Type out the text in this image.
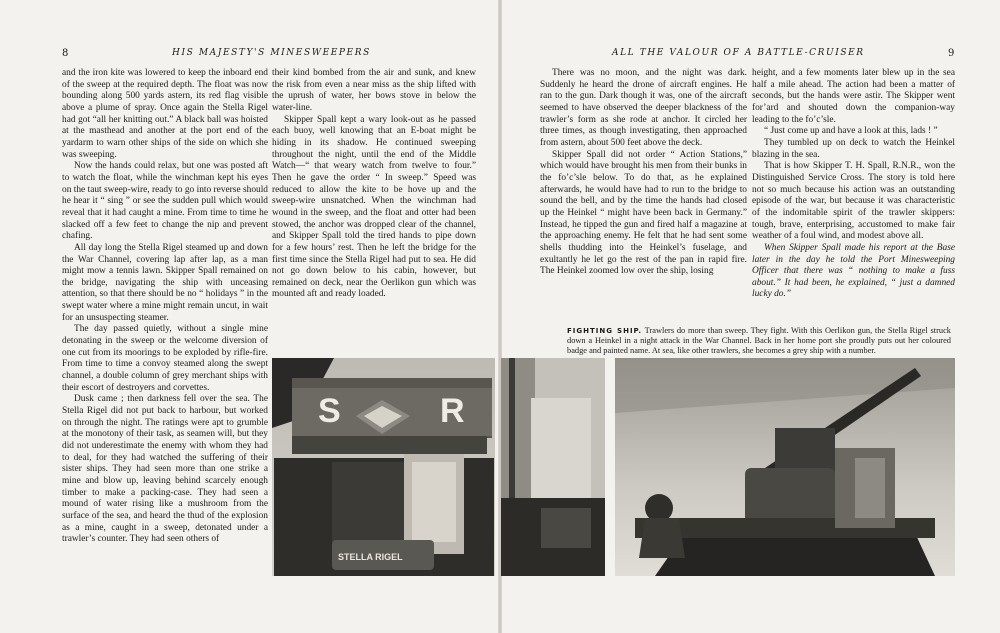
8	HIS MAJESTY'S MINESWEEPERS

and the iron kite was lowered to keep the inboard end of the sweep at the required depth. The float was now bounding along 500 yards astern, its red flag visible above a plume of spray. Once again the Stella Rigel had got “all her knitting out.” A black ball was hoisted at the masthead and another at the port end of the yardarm to warn other ships of the side on which she was sweeping.

Now the hands could relax, but one was posted aft to watch the float, while the winchman kept his eyes on the taut sweep-wire, ready to go into reverse should he hear it “ sing ” or see the sudden pull which would reveal that it had caught a mine. From time to time he slacked off a few feet to change the nip and prevent chafing.

All day long the Stella Rigel steamed up and down the War Channel, covering lap after lap, as a man might mow a tennis lawn. Skipper Spall remained on the bridge, navigating the ship with unceasing attention, so that there should be no “ holidays ” in the swept water where a mine might remain uncut, in wait for an unsuspecting steamer.

The day passed quietly, without a single mine detonating in the sweep or the welcome diversion of one cut from its moorings to be exploded by rifle-fire. From time to time a convoy steamed along the swept channel, a double column of grey merchant ships with their escort of destroyers and corvettes.

Dusk came ; then darkness fell over the sea. The Stella Rigel did not put back to harbour, but worked on through the night. The ratings were apt to grumble at the monotony of their task, as seamen will, but they did not underestimate the enemy with whom they had to deal, for they had watched the suffering of their sister ships. They had seen more than one strike a mine and blow up, leaving behind scarcely enough timber to make a packing-case. They had seen a mound of water rising like a mushroom from the surface of the sea, and heard the thud of the explosion as a mine, caught in a sweep, detonated under a trawler’s counter. They had seen others of

their kind bombed from the air and sunk, and knew the risk from even a near miss as the ship lifted with the uprush of water, her bows stove in below the water-line.

Skipper Spall kept a wary look-out as he passed each buoy, well knowing that an E-boat might be hiding in its shadow. He continued sweeping throughout the night, until the end of the Middle Watch—“ that weary watch from twelve to four.” Then he gave the order “ In sweep.” Speed was reduced to allow the kite to be hove up and the sweep-wire unsnatched. When the winchman had wound in the sweep, and the float and otter had been stowed, the anchor was dropped clear of the channel, and Skipper Spall told the tired hands to pipe down for a few hours’ rest. Then he left the bridge for the first time since the Stella Rigel had put to sea. He did not go down below to his cabin, however, but remained on deck, near the Oerlikon gun which was mounted aft and ready loaded.

ALL THE VALOUR OF A BATTLE-CRUISER	9

There was no moon, and the night was dark. Suddenly he heard the drone of aircraft engines. He ran to the gun. Dark though it was, one of the aircraft seemed to have observed the deeper blackness of the trawler’s form as she rode at anchor. It circled her three times, as though investigating, then approached from astern, about 500 feet above the deck.

Skipper Spall did not order “ Action Stations,” which would have brought his men from their bunks in the fo’c’sle below. To do that, as he explained afterwards, he would have had to run to the bridge to sound the bell, and by the time the hands had closed up the Heinkel “ might have been back in Germany.” Instead, he tipped the gun and fired half a magazine at the approaching enemy. He felt that he had sent some shells thudding into the Heinkel’s fuselage, and exultantly he let go the rest of the pan in rapid fire. The Heinkel zoomed low over the ship, losing

height, and a few moments later blew up in the sea half a mile ahead. The action had been a matter of seconds, but the hands were astir. The Skipper went for’ard and shouted down the companion-way leading to the fo’c’sle.

“ Just come up and have a look at this, lads ! ”

They tumbled up on deck to watch the Heinkel blazing in the sea.

That is how Skipper T. H. Spall, R.N.R., won the Distinguished Service Cross. The story is told here not so much because his action was an outstanding episode of the war, but because it was characteristic of the indomitable spirit of the trawler skippers: tough, brave, enterprising, accustomed to make fair weather of a foul wind, and modest above all.

When Skipper Spall made his report at the Base later in the day he told the Port Minesweeping Officer that there was “ nothing to make a fuss about.” It had been, he explained, “ just a damned lucky do.”

FIGHTING SHIP. Trawlers do more than sweep. They fight. With this Oerlikon gun, the Stella Rigel struck down a Heinkel in a night attack in the War Channel. Back in her home port she proudly puts out her coloured badge and painted name. At sea, like other trawlers, she becomes a grey ship with a number.
S	R
STELLA RIGEL
